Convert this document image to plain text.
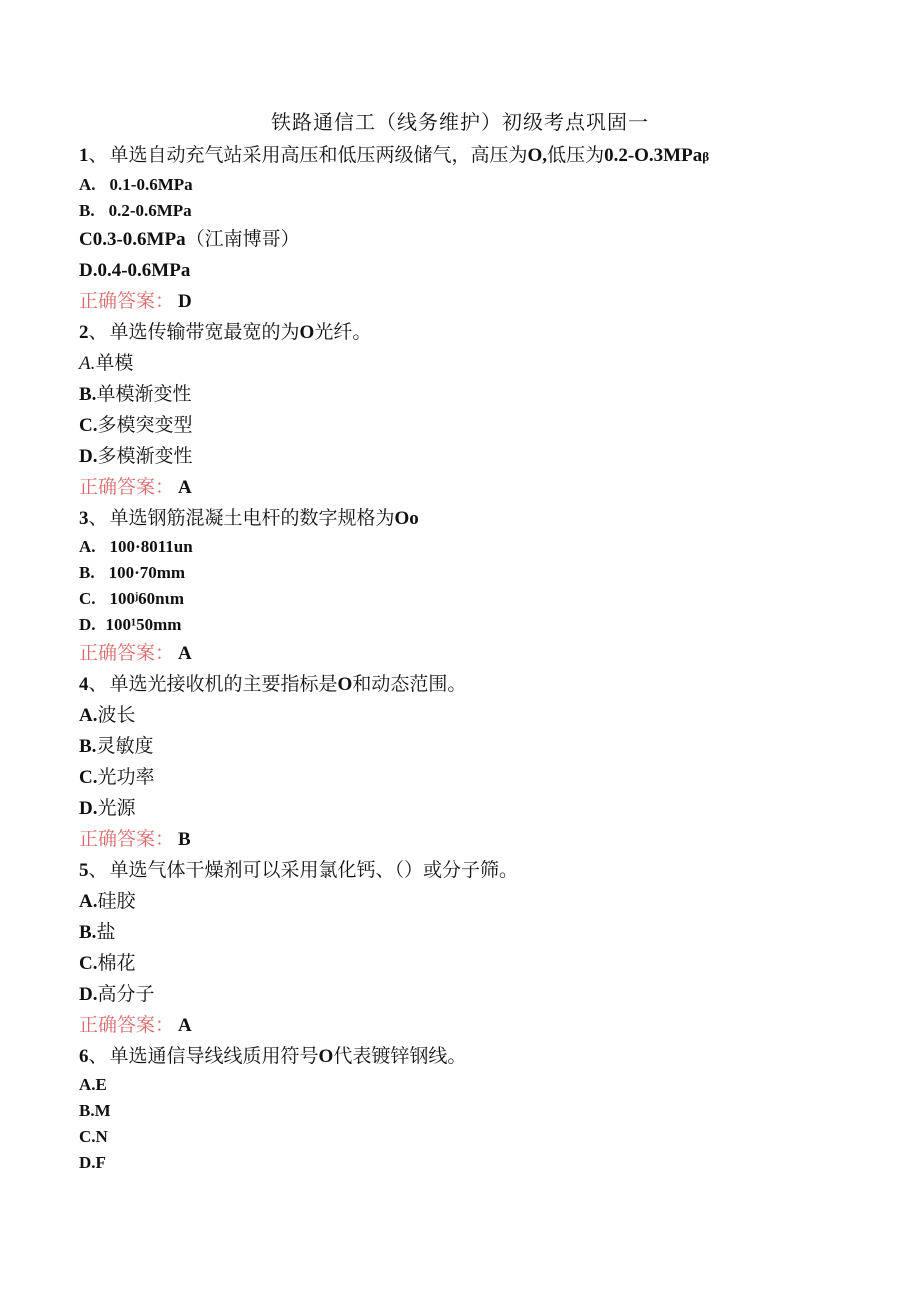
铁路通信工（线务维护）初级考点巩固一

1、 单选自动充气站采用高压和低压两级储气，高压为O,低压为0.2-O.3MPaβ

A. 0.1-0.6MPa

B. 0.2-0.6MPa

C0.3-0.6MPa（江南博哥）

D.0.4-0.6MPa

正确答案： D

2、 单选传输带宽最宽的为O光纤。

A.单模

B.单模渐变性

C.多模突变型

D.多模渐变性

正确答案： A

3、 单选钢筋混凝土电杆的数字规格为Oo

A. 100·8011un

B. 100·70mm

C. 100ʲ60nιm

D. 100¹50mm

正确答案： A

4、 单选光接收机的主要指标是O和动态范围。

A.波长

B.灵敏度

C.光功率

D.光源

正确答案： B

5、 单选气体干燥剂可以采用氯化钙、（）或分子筛。

A.硅胶

B.盐

C.棉花

D.高分子

正确答案： A

6、 单选通信导线线质用符号O代表镀锌钢线。

A.E

B.M

C.N

D.F
